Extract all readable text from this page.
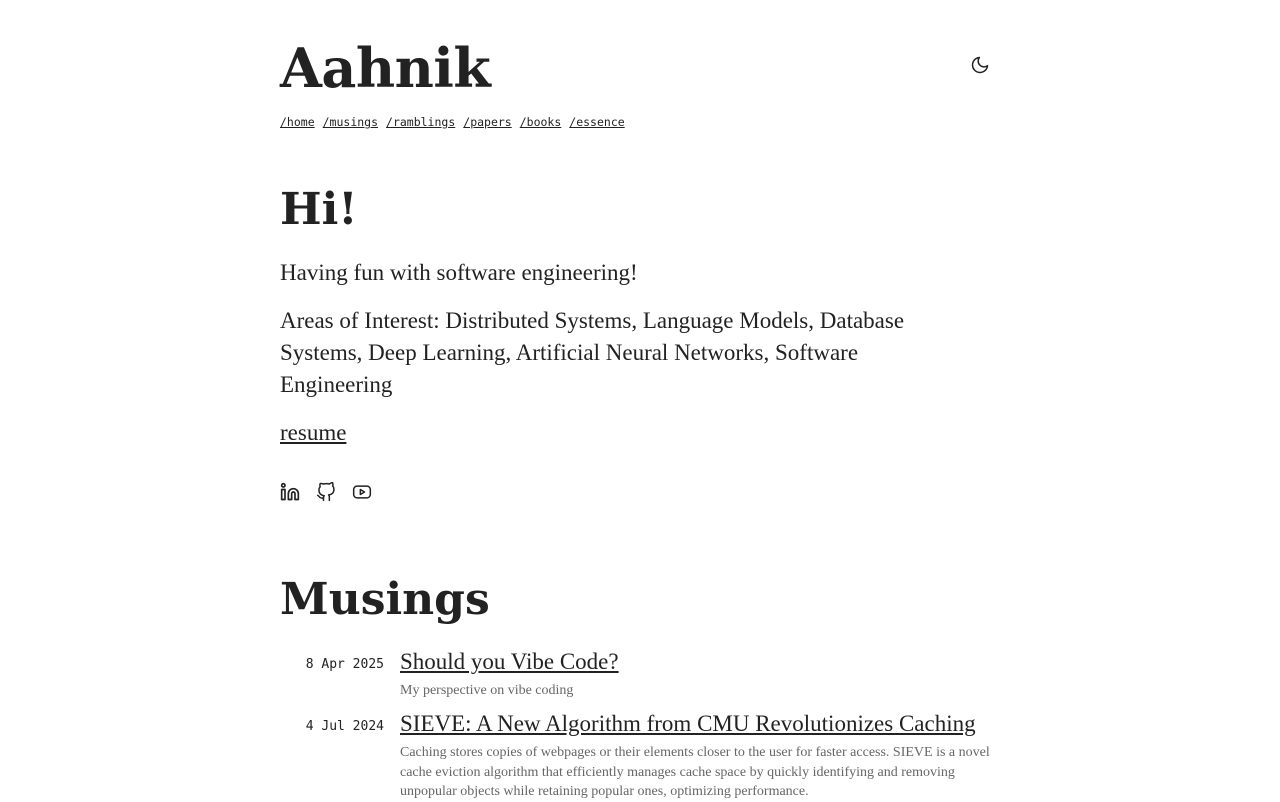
Aahnik
/home /musings /ramblings /papers /books /essence
Hi!

Having fun with software engineering!

Areas of Interest: Distributed Systems, Language Models, Database Systems, Deep Learning, Artificial Neural Networks, Software Engineering

resume
Musings
8 Apr 2025 Should you Vibe Code?
My perspective on vibe coding
4 Jul 2024 SIEVE: A New Algorithm from CMU Revolutionizes Caching
Caching stores copies of webpages or their elements closer to the user for faster access. SIEVE is a novel cache eviction algorithm that efficiently manages cache space by quickly identifying and removing unpopular objects while retaining popular ones, optimizing performance.
